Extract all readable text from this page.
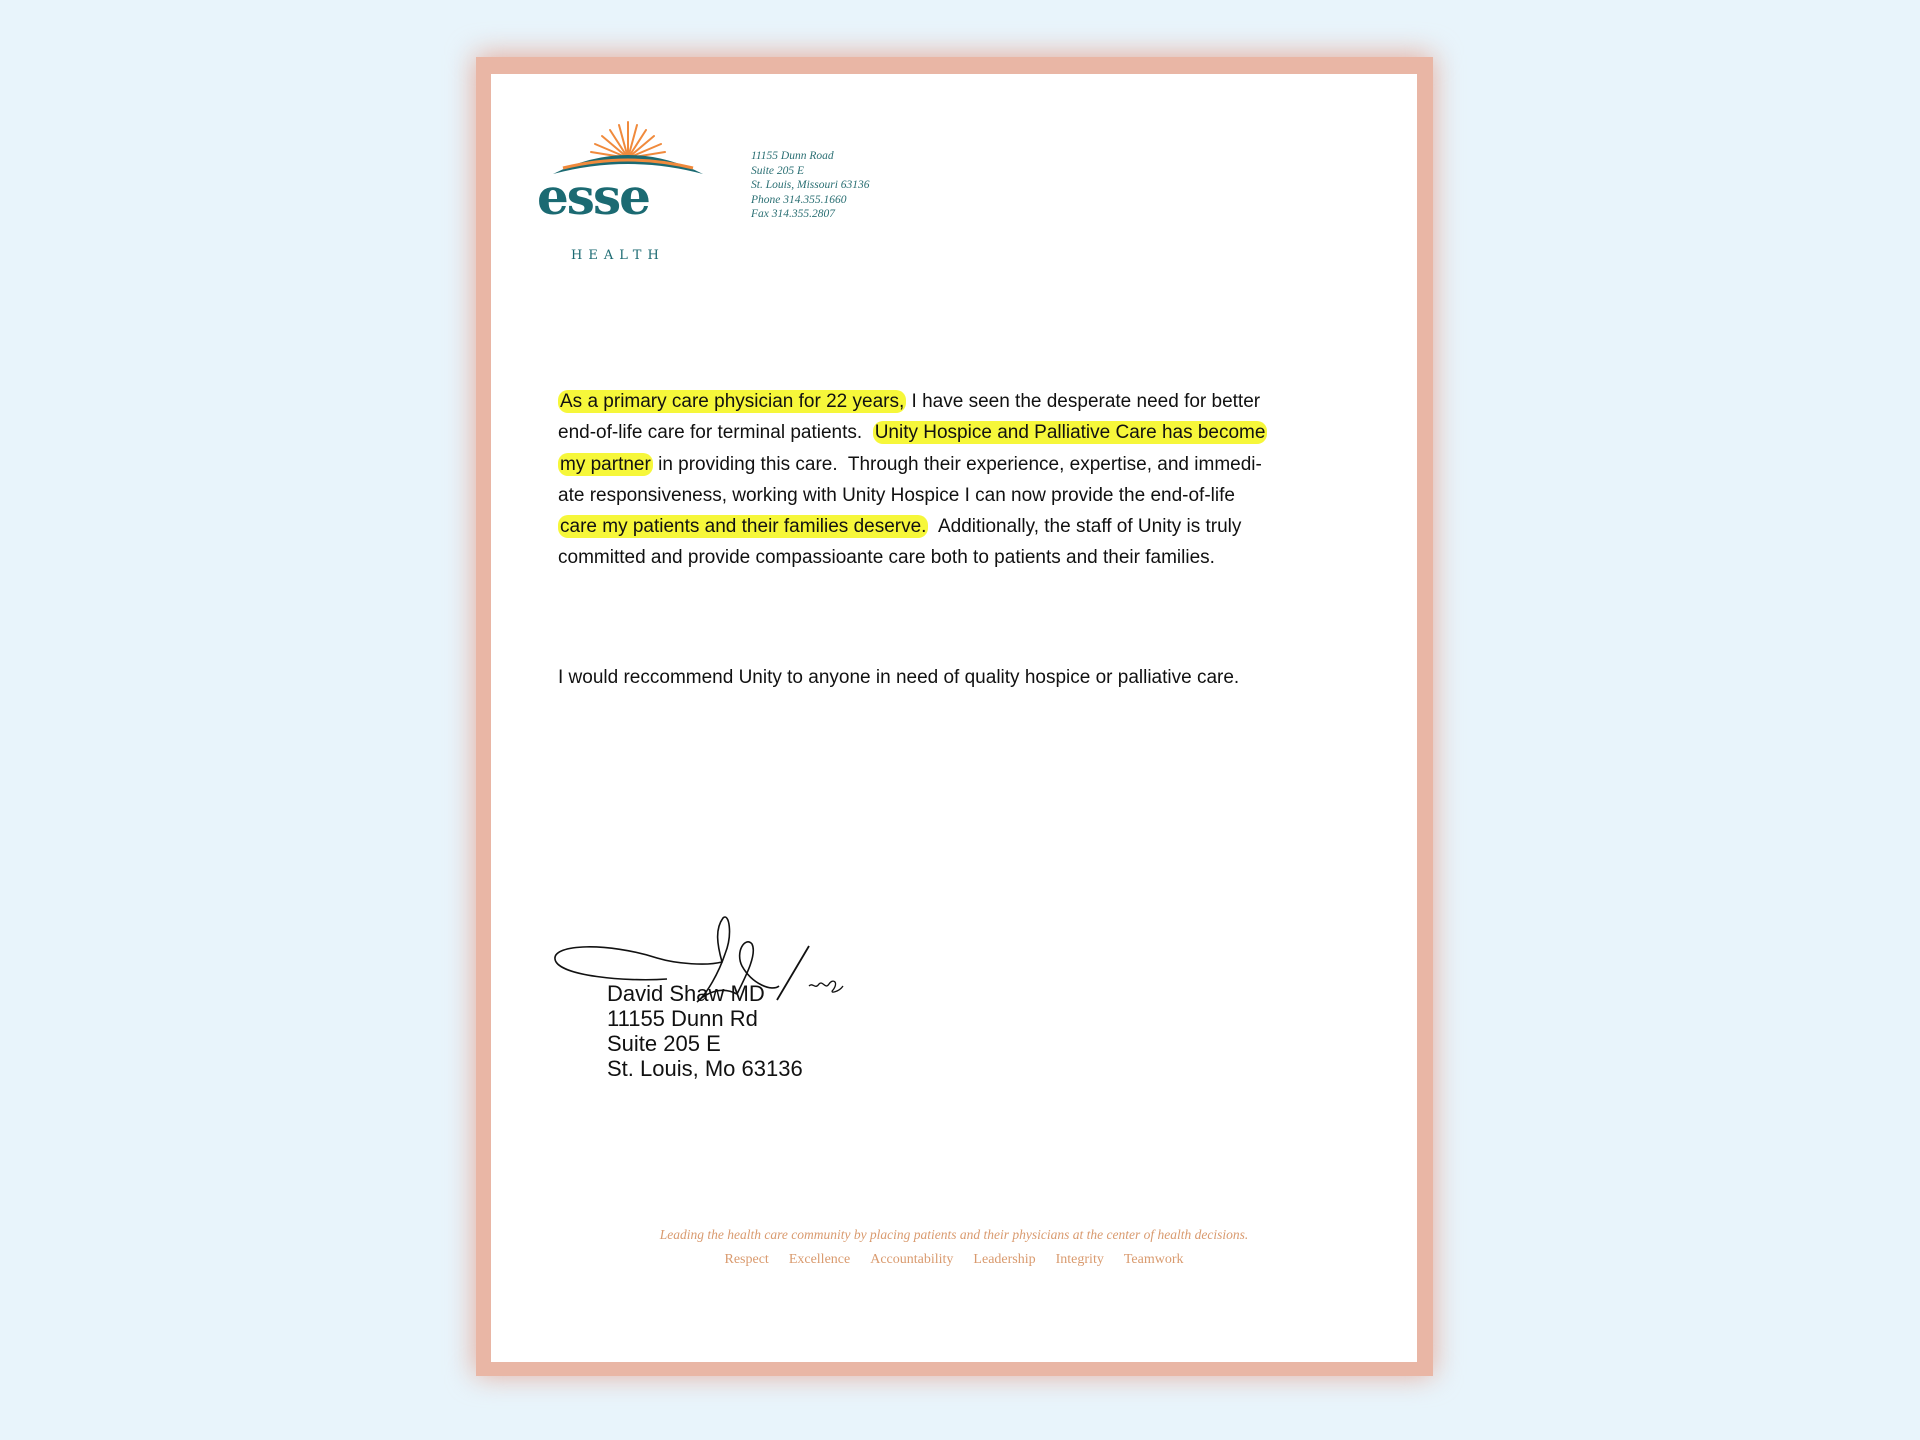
esse
HEALTH
11155 Dunn Road
Suite 205 E
St. Louis, Missouri 63136
Phone 314.355.1660
Fax 314.355.2807
As a primary care physician for 22 years, I have seen the desperate need for better
end-of-life care for terminal patients.  Unity Hospice and Palliative Care has become
my partner in providing this care.  Through their experience, expertise, and immedi-
ate responsiveness, working with Unity Hospice I can now provide the end-of-life
care my patients and their families deserve.  Additionally, the staff of Unity is truly
committed and provide compassioante care both to patients and their families.
I would reccommend Unity to anyone in need of quality hospice or palliative care.
David Shaw MD
11155 Dunn Rd
Suite 205 E
St. Louis, Mo 63136
Leading the health care community by placing patients and their physicians at the center of health decisions.
Respect Excellence Accountability Leadership Integrity Teamwork
